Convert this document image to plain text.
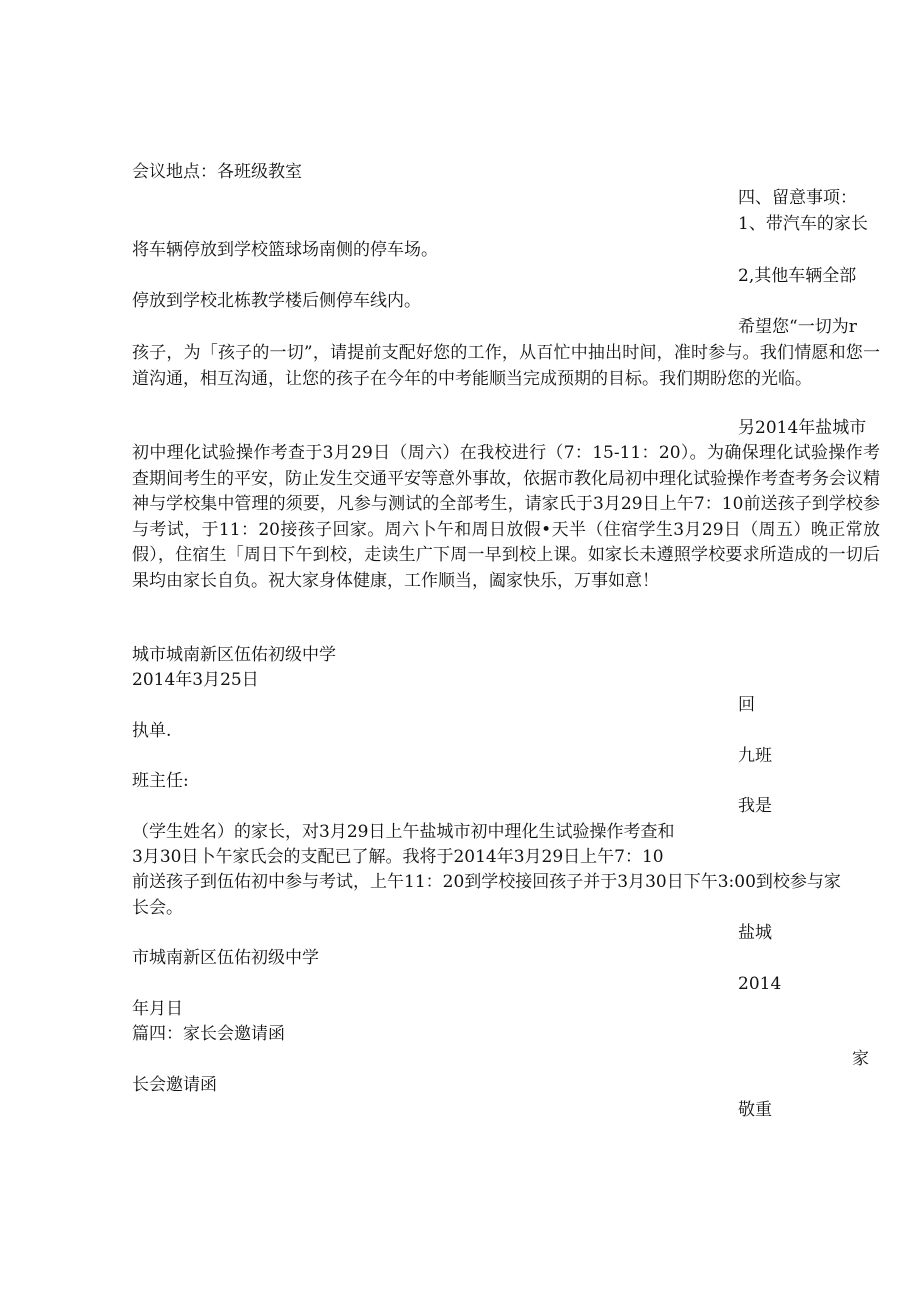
会议地点：各班级教室

四、留意事项：

1、带汽车的家长

将车辆停放到学校篮球场南侧的停车场。

2,其他车辆全部

停放到学校北栋教学楼后侧停车线内。

希望您“一切为r

孩子，为「孩子的一切”，请提前支配好您的工作，从百忙中抽出时间，准时参与。我们情愿和您一道沟通，相互沟通，让您的孩子在今年的中考能顺当完成预期的目标。我们期盼您的光临。

另2014年盐城市

初中理化试验操作考查于3月29日（周六）在我校进行（7：15-11：20）。为确保理化试验操作考查期间考生的平安，防止发生交通平安等意外事故，依据市教化局初中理化试验操作考查考务会议精神与学校集中管理的须要，凡参与测试的全部考生，请家氏于3月29日上午7：10前送孩子到学校参与考试，于11：20接孩子回家。周六卜午和周日放假•天半（住宿学生3月29日（周五）晚正常放假），住宿生「周日下午到校，走读生广下周一早到校上课。如家长未遵照学校要求所造成的一切后果均由家长自负。祝大家身体健康，工作顺当，阖家快乐，万事如意！

城市城南新区伍佑初级中学

2014年3月25日

回

执单.

九班

班主任:

我是

（学生姓名）的家长，对3月29日上午盐城市初中理化生试验操作考查和

3月30日卜午家氏会的支配已了解。我将于2014年3月29日上午7：10

前送孩子到伍佑初中参与考试，上午11：20到学校接回孩子并于3月30日下午3:00到校参与家

长会。

盐城

市城南新区伍佑初级中学

2014

年月日

篇四：家长会邀请函

家

长会邀请函

敬重
